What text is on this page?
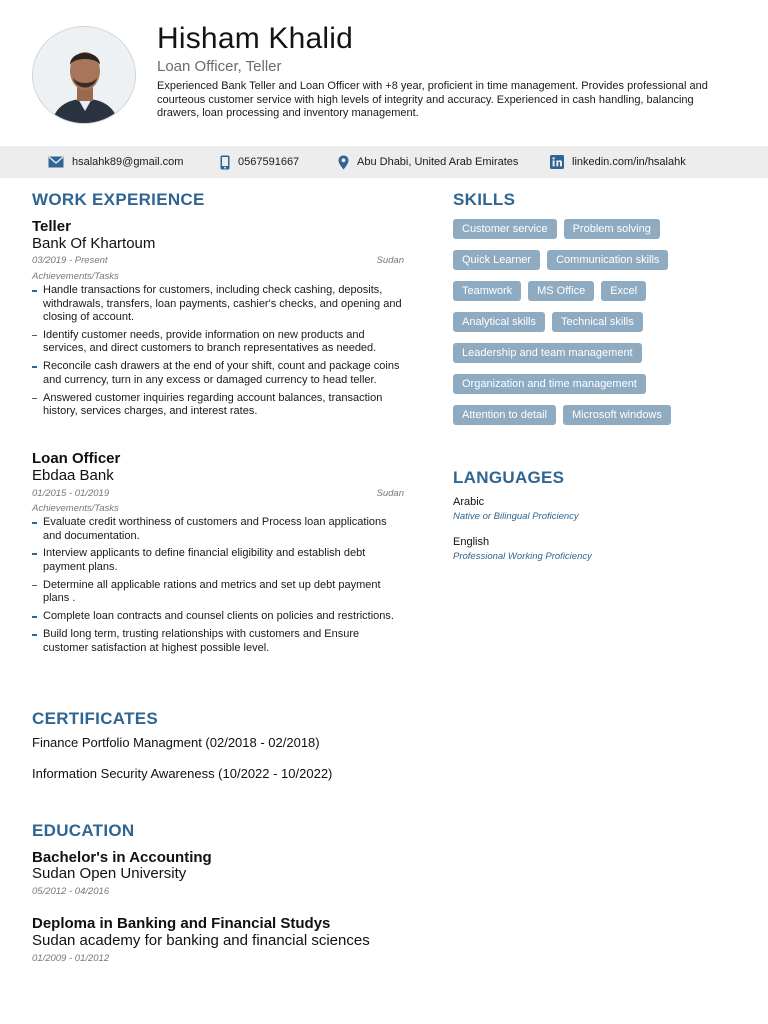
Hisham Khalid
Loan Officer, Teller
Experienced Bank Teller and Loan Officer with +8 year, proficient in time management. Provides professional and courteous customer service with high levels of integrity and accuracy. Experienced in cash handling, balancing drawers, loan processing and inventory management.
hsalahk89@gmail.com	0567591667	Abu Dhabi, United Arab Emirates	linkedin.com/in/hsalahk
WORK EXPERIENCE
Teller
Bank Of Khartoum
03/2019 - Present	Sudan
Achievements/Tasks
Handle transactions for customers, including check cashing, deposits, withdrawals, transfers, loan payments, cashier's checks, and opening and closing of account.
Identify customer needs, provide information on new products and services, and direct customers to branch representatives as needed.
Reconcile cash drawers at the end of your shift, count and package coins and currency, turn in any excess or damaged currency to head teller.
Answered customer inquiries regarding account balances, transaction history, services charges, and interest rates.
Loan Officer
Ebdaa Bank
01/2015 - 01/2019	Sudan
Achievements/Tasks
Evaluate credit worthiness of customers and Process loan applications and documentation.
Interview applicants to define financial eligibility and establish debt payment plans.
Determine all applicable rations and metrics and set up debt payment plans .
Complete loan contracts and counsel clients on policies and restrictions.
Build long term, trusting relationships with customers and Ensure customer satisfaction at highest possible level.
SKILLS
Customer service	Problem solving
Quick Learner	Communication skills
Teamwork	MS Office	Excel
Analytical skills	Technical skills
Leadership and team management
Organization and time management
Attention to detail	Microsoft windows
LANGUAGES
Arabic
Native or Bilingual Proficiency
English
Professional Working Proficiency
CERTIFICATES
Finance Portfolio Managment (02/2018 - 02/2018)
Information Security Awareness (10/2022 - 10/2022)
EDUCATION
Bachelor's in Accounting
Sudan Open University
05/2012 - 04/2016
Deploma in Banking and Financial Studys
Sudan academy for banking and financial sciences
01/2009 - 01/2012
